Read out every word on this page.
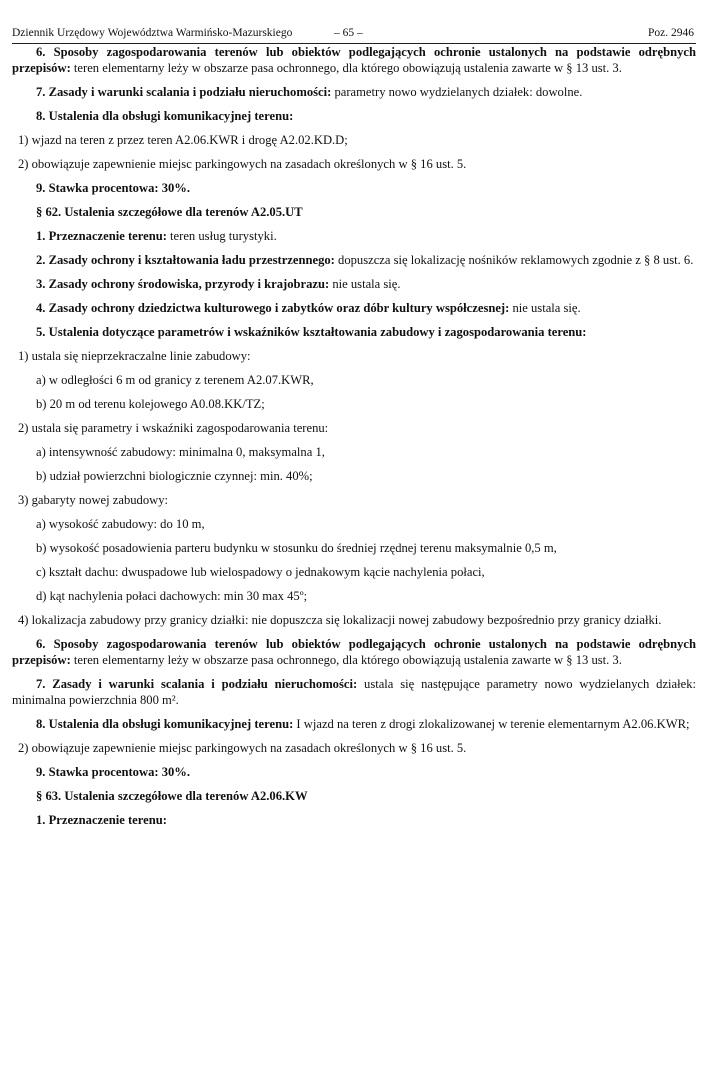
Dziennik Urzędowy Województwa Warmińsko-Mazurskiego	– 65 –	Poz. 2946
6. Sposoby zagospodarowania terenów lub obiektów podlegających ochronie ustalonych na podstawie odrębnych przepisów: teren elementarny leży w obszarze pasa ochronnego, dla którego obowiązują ustalenia zawarte w § 13 ust. 3.
7. Zasady i warunki scalania i podziału nieruchomości: parametry nowo wydzielanych działek: dowolne.
8. Ustalenia dla obsługi komunikacyjnej terenu:
1) wjazd na teren z przez teren A2.06.KWR i drogę A2.02.KD.D;
2) obowiązuje zapewnienie miejsc parkingowych na zasadach określonych w § 16 ust. 5.
9. Stawka procentowa: 30%.
§ 62. Ustalenia szczegółowe dla terenów A2.05.UT
1. Przeznaczenie terenu: teren usług turystyki.
2. Zasady ochrony i kształtowania ładu przestrzennego: dopuszcza się lokalizację nośników reklamowych zgodnie z § 8 ust. 6.
3. Zasady ochrony środowiska, przyrody i krajobrazu: nie ustala się.
4. Zasady ochrony dziedzictwa kulturowego i zabytków oraz dóbr kultury współczesnej: nie ustala się.
5. Ustalenia dotyczące parametrów i wskaźników kształtowania zabudowy i zagospodarowania terenu:
1) ustala się nieprzekraczalne linie zabudowy:
a) w odległości 6 m od granicy z terenem A2.07.KWR,
b) 20 m od terenu kolejowego A0.08.KK/TZ;
2) ustala się parametry i wskaźniki zagospodarowania terenu:
a) intensywność zabudowy: minimalna 0, maksymalna 1,
b) udział powierzchni biologicznie czynnej: min. 40%;
3) gabaryty nowej zabudowy:
a) wysokość zabudowy: do 10 m,
b) wysokość posadowienia parteru budynku w stosunku do średniej rzędnej terenu maksymalnie 0,5 m,
c) kształt dachu: dwuspadowe lub wielospadowy o jednakowym kącie nachylenia połaci,
d) kąt nachylenia połaci dachowych: min 30 max 45º;
4) lokalizacja zabudowy przy granicy działki: nie dopuszcza się lokalizacji nowej zabudowy bezpośrednio przy granicy działki.
6. Sposoby zagospodarowania terenów lub obiektów podlegających ochronie ustalonych na podstawie odrębnych przepisów: teren elementarny leży w obszarze pasa ochronnego, dla którego obowiązują ustalenia zawarte w § 13 ust. 3.
7. Zasady i warunki scalania i podziału nieruchomości: ustala się następujące parametry nowo wydzielanych działek: minimalna powierzchnia 800 m².
8. Ustalenia dla obsługi komunikacyjnej terenu: I wjazd na teren z drogi zlokalizowanej w terenie elementarnym A2.06.KWR;
2) obowiązuje zapewnienie miejsc parkingowych na zasadach określonych w § 16 ust. 5.
9. Stawka procentowa: 30%.
§ 63. Ustalenia szczegółowe dla terenów A2.06.KW
1. Przeznaczenie terenu:
